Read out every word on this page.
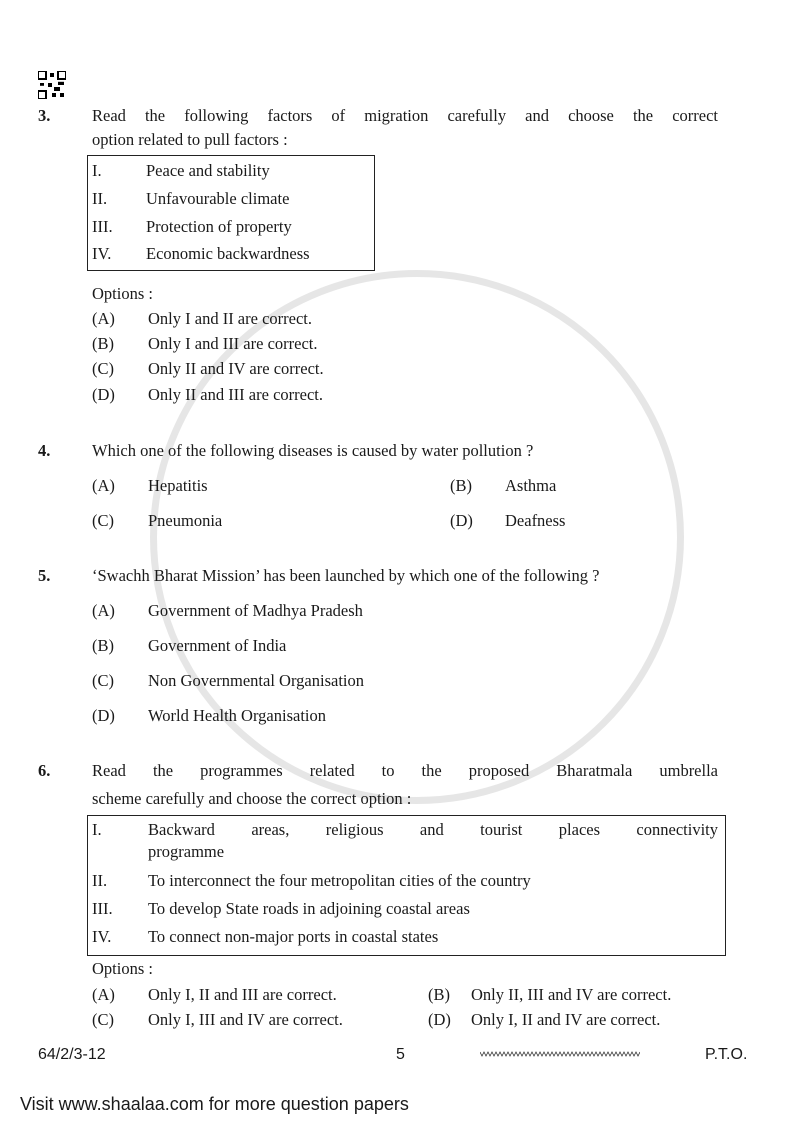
3.	Read the following factors of migration carefully and choose the correct
option related to pull factors :
I.	Peace and stability
II. Unfavourable climate
III. Protection of property
IV. Economic backwardness
Options :
(A) Only I and II are correct.
(B) Only I and III are correct.
(C) Only II and IV are correct.
(D) Only II and III are correct.
4.	Which one of the following diseases is caused by water pollution ?
(A) Hepatitis	(B) Asthma
(C) Pneumonia	(D) Deafness
5.	‘Swachh Bharat Mission’ has been launched by which one of the following ?
(A) Government of Madhya Pradesh
(B) Government of India
(C) Non Governmental Organisation
(D) World Health Organisation
6.	Read the programmes related to the proposed Bharatmala umbrella
scheme carefully and choose the correct option :
I.	Backward areas, religious and tourist places connectivity
programme
II. To interconnect the four metropolitan cities of the country
III. To develop State roads in adjoining coastal areas
IV. To connect non-major ports in coastal states
Options :
(A) Only I, II and III are correct.	(B) Only II, III and IV are correct.
(C) Only I, III and IV are correct.	(D) Only I, II and IV are correct.
64/2/3-12	5	P.T.O.
Visit www.shaalaa.com for more question papers
